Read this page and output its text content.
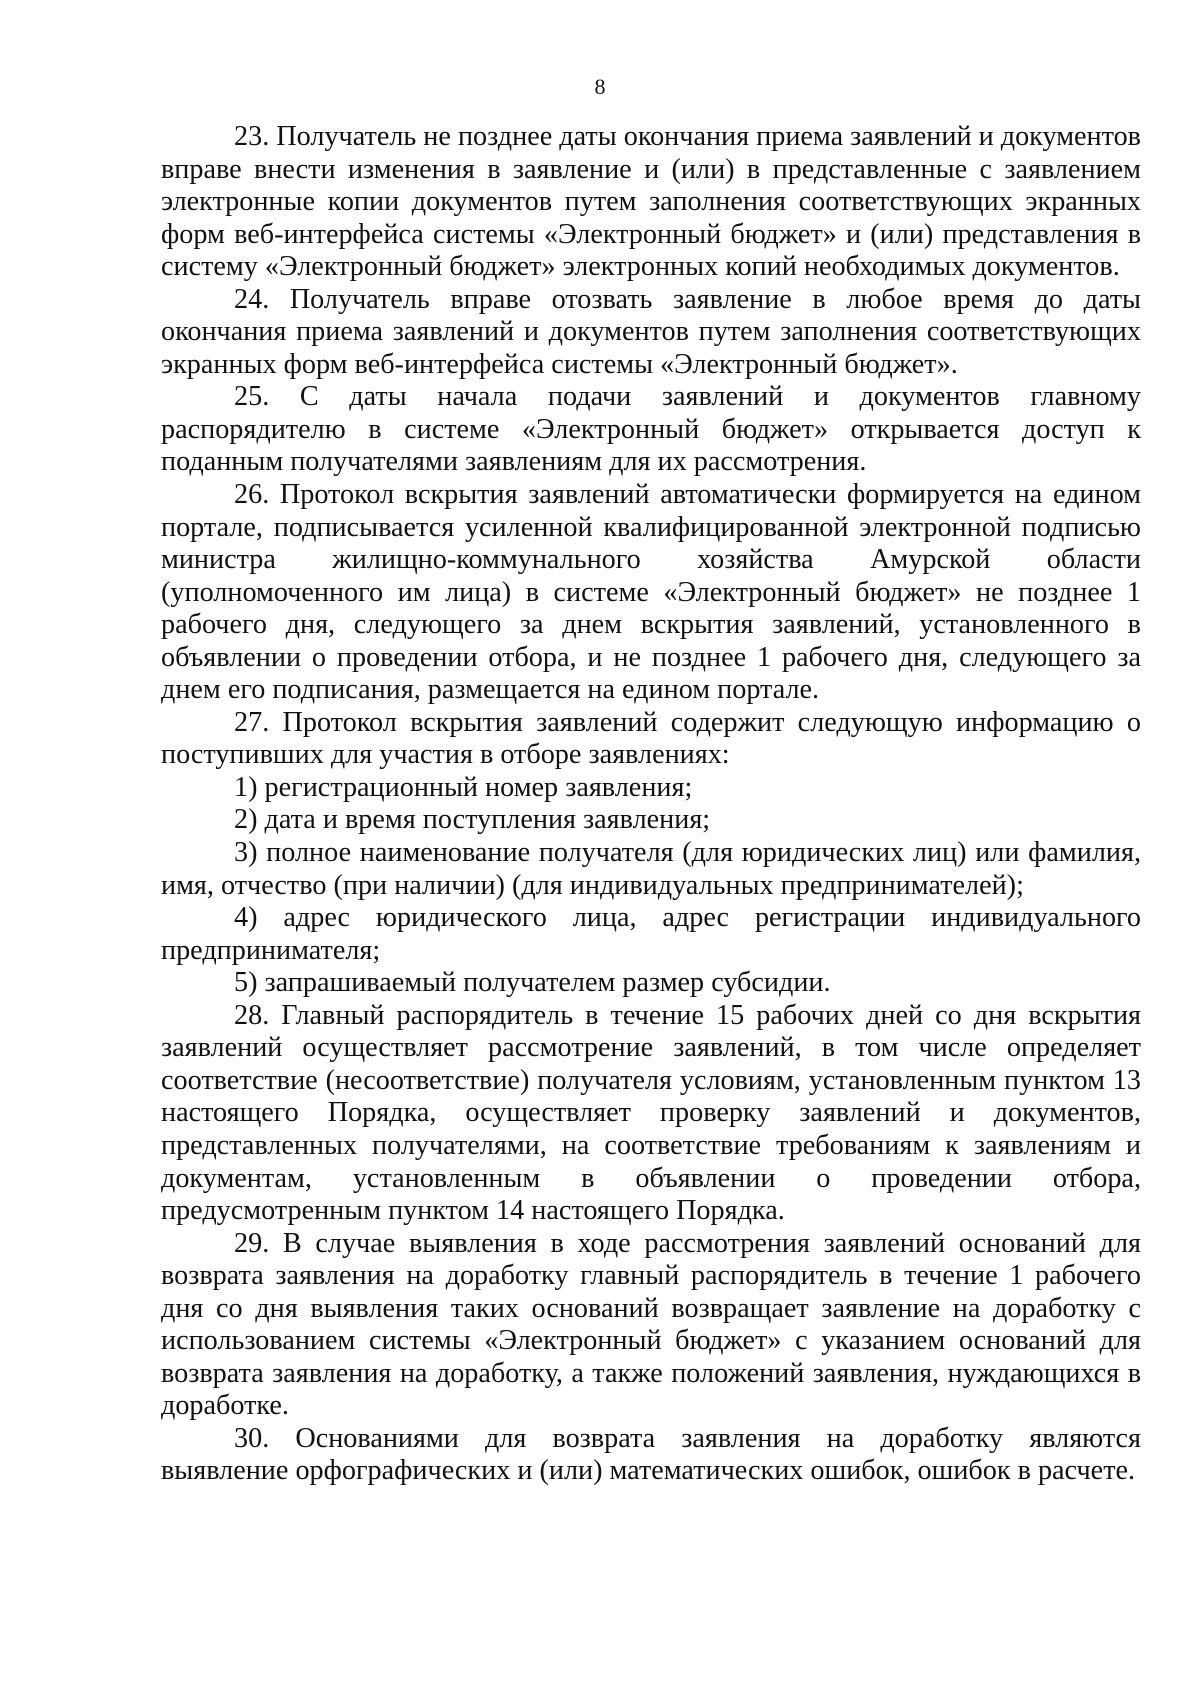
8

23. Получатель не позднее даты окончания приема заявлений и документов вправе внести изменения в заявление и (или) в представленные с заявлением электронные копии документов путем заполнения соответствующих экранных форм веб-интерфейса системы «Электронный бюджет» и (или) представления в систему «Электронный бюджет» электронных копий необходимых документов.

24. Получатель вправе отозвать заявление в любое время до даты окончания приема заявлений и документов путем заполнения соответствующих экранных форм веб-интерфейса системы «Электронный бюджет».

25. С даты начала подачи заявлений и документов главному распорядителю в системе «Электронный бюджет» открывается доступ к поданным получателями заявлениям для их рассмотрения.

26. Протокол вскрытия заявлений автоматически формируется на едином портале, подписывается усиленной квалифицированной электронной подписью министра жилищно-коммунального хозяйства Амурской области (уполномоченного им лица) в системе «Электронный бюджет» не позднее 1 рабочего дня, следующего за днем вскрытия заявлений, установленного в объявлении о проведении отбора, и не позднее 1 рабочего дня, следующего за днем его подписания, размещается на едином портале.

27. Протокол вскрытия заявлений содержит следующую информацию о поступивших для участия в отборе заявлениях:

1) регистрационный номер заявления;

2) дата и время поступления заявления;

3) полное наименование получателя (для юридических лиц) или фамилия, имя, отчество (при наличии) (для индивидуальных предпринимателей);

4) адрес юридического лица, адрес регистрации индивидуального предпринимателя;

5) запрашиваемый получателем размер субсидии.

28. Главный распорядитель в течение 15 рабочих дней со дня вскрытия заявлений осуществляет рассмотрение заявлений, в том числе определяет соответствие (несоответствие) получателя условиям, установленным пунктом 13 настоящего Порядка, осуществляет проверку заявлений и документов, представленных получателями, на соответствие требованиям к заявлениям и документам, установленным в объявлении о проведении отбора, предусмотренным пунктом 14 настоящего Порядка.

29. В случае выявления в ходе рассмотрения заявлений оснований для возврата заявления на доработку главный распорядитель в течение 1 рабочего дня со дня выявления таких оснований возвращает заявление на доработку с использованием системы «Электронный бюджет» с указанием оснований для возврата заявления на доработку, а также положений заявления, нуждающихся в доработке.

30. Основаниями для возврата заявления на доработку являются выявление орфографических и (или) математических ошибок, ошибок в расчете.
